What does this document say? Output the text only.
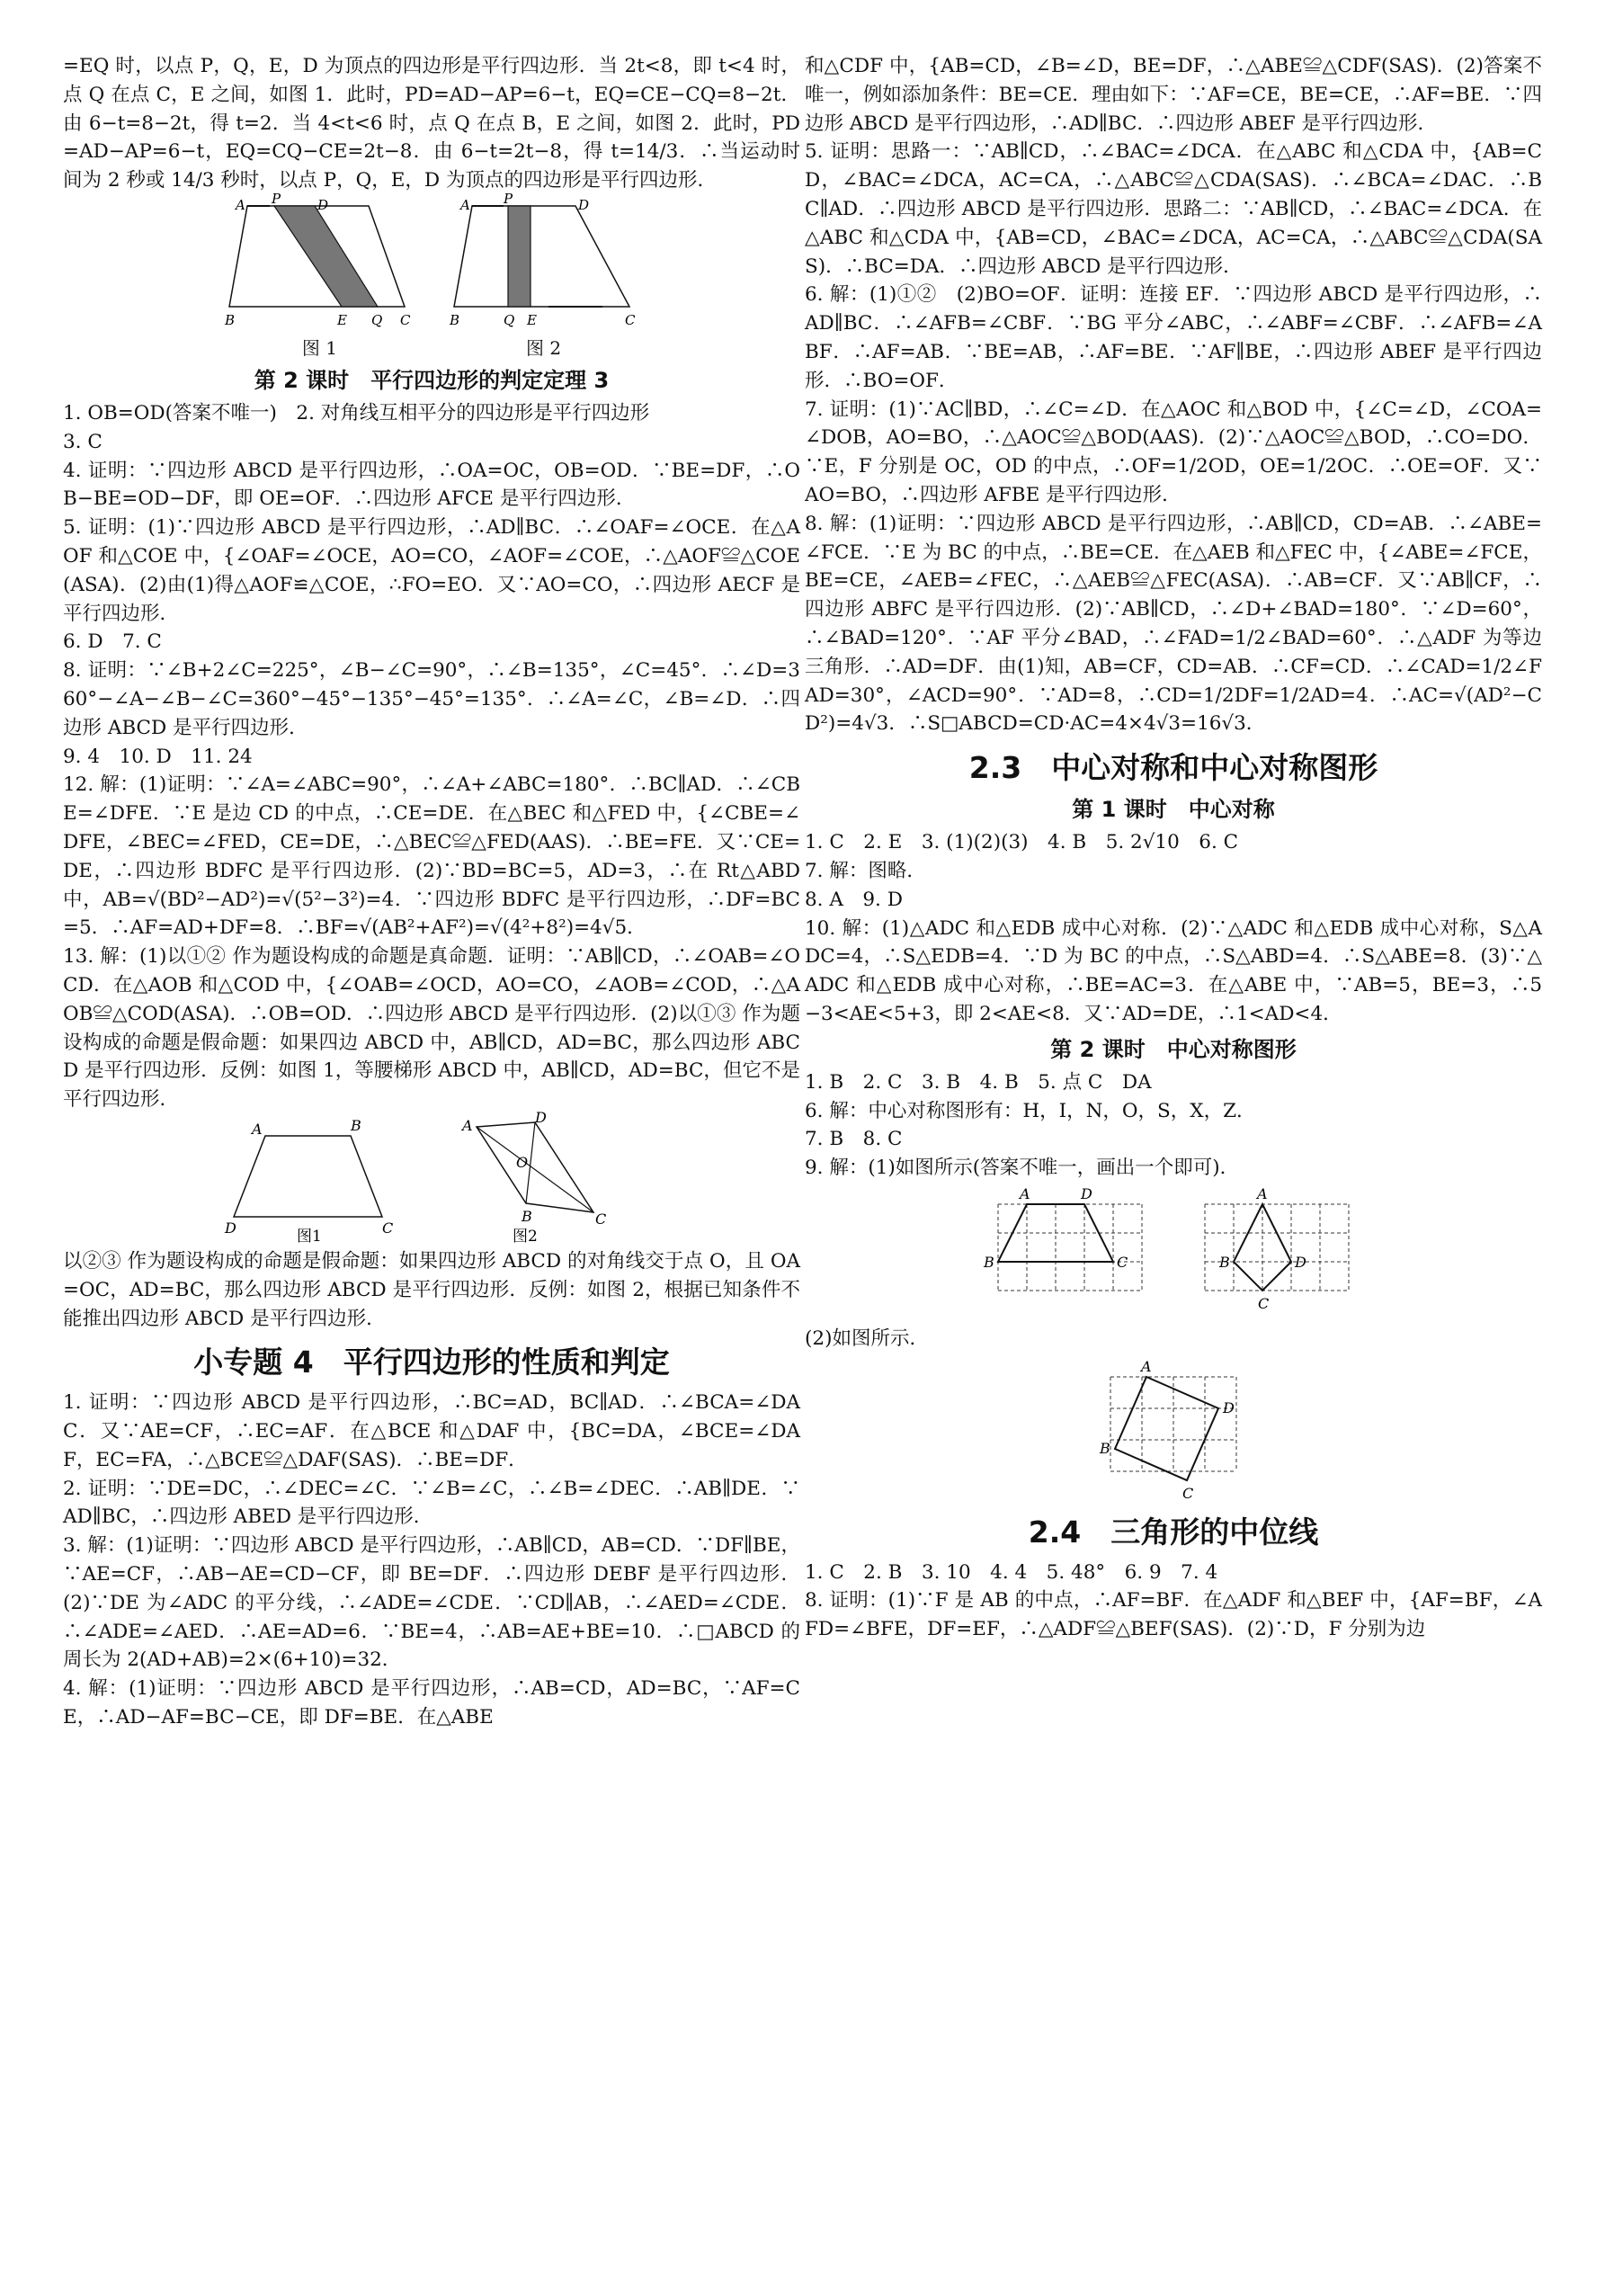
=EQ 时，以点 P，Q，E，D 为顶点的四边形是平行四边形．当 2t<8，即 t<4 时，点 Q 在点 C，E 之间，如图 1．此时，PD=AD−AP=6−t，EQ=CE−CQ=8−2t．由 6−t=8−2t，得 t=2．当 4<t<6 时，点 Q 在点 B，E 之间，如图 2．此时，PD=AD−AP=6−t，EQ=CQ−CE=2t−8．由 6−t=2t−8，得 t=14/3．∴当运动时间为 2 秒或 14/3 秒时，以点 P，Q，E，D 为顶点的四边形是平行四边形．

A P	D
B	E Q C
A P	D
B	Q E	C
图 1	图 2
第 2 课时　平行四边形的判定定理 3

1. OB=OD(答案不唯一)　2. 对角线互相平分的四边形是平行四边形

3. C

4. 证明：∵四边形 ABCD 是平行四边形，∴OA=OC，OB=OD．∵BE=DF，∴OB−BE=OD−DF，即 OE=OF．∴四边形 AFCE 是平行四边形．

5. 证明：(1)∵四边形 ABCD 是平行四边形，∴AD∥BC．∴∠OAF=∠OCE．在△AOF 和△COE 中，{∠OAF=∠OCE，AO=CO，∠AOF=∠COE，∴△AOF≌△COE(ASA)．(2)由(1)得△AOF≌△COE，∴FO=EO．又∵AO=CO，∴四边形 AECF 是平行四边形．

6. D　7. C

8. 证明：∵∠B+2∠C=225°，∠B−∠C=90°，∴∠B=135°，∠C=45°．∴∠D=360°−∠A−∠B−∠C=360°−45°−135°−45°=135°．∴∠A=∠C，∠B=∠D．∴四边形 ABCD 是平行四边形．

9. 4　10. D　11. 24

12. 解：(1)证明：∵∠A=∠ABC=90°，∴∠A+∠ABC=180°．∴BC∥AD．∴∠CBE=∠DFE．∵E 是边 CD 的中点，∴CE=DE．在△BEC 和△FED 中，{∠CBE=∠DFE，∠BEC=∠FED，CE=DE，∴△BEC≌△FED(AAS)．∴BE=FE．又∵CE=DE，∴四边形 BDFC 是平行四边形．(2)∵BD=BC=5，AD=3，∴在 Rt△ABD 中，AB=√(BD²−AD²)=√(5²−3²)=4．∵四边形 BDFC 是平行四边形，∴DF=BC=5．∴AF=AD+DF=8．∴BF=√(AB²+AF²)=√(4²+8²)=4√5．

13. 解：(1)以①② 作为题设构成的命题是真命题．证明：∵AB∥CD，∴∠OAB=∠OCD．在△AOB 和△COD 中，{∠OAB=∠OCD，AO=CO，∠AOB=∠COD，∴△AOB≌△COD(ASA)．∴OB=OD．∴四边形 ABCD 是平行四边形．(2)以①③ 作为题设构成的命题是假命题：如果四边 ABCD 中，AB∥CD，AD=BC，那么四边形 ABCD 是平行四边形．反例：如图 1，等腰梯形 ABCD 中，AB∥CD，AD=BC，但它不是平行四边形．

A	B
D	C
图1
A	D
O
B	C
图2

以②③ 作为题设构成的命题是假命题：如果四边形 ABCD 的对角线交于点 O，且 OA=OC，AD=BC，那么四边形 ABCD 是平行四边形．反例：如图 2，根据已知条件不能推出四边形 ABCD 是平行四边形．

小专题 4　平行四边形的性质和判定

1. 证明：∵四边形 ABCD 是平行四边形，∴BC=AD，BC∥AD．∴∠BCA=∠DAC．又∵AE=CF，∴EC=AF．在△BCE 和△DAF 中，{BC=DA，∠BCE=∠DAF，EC=FA，∴△BCE≌△DAF(SAS)．∴BE=DF．

2. 证明：∵DE=DC，∴∠DEC=∠C．∵∠B=∠C，∴∠B=∠DEC．∴AB∥DE．∵AD∥BC，∴四边形 ABED 是平行四边形．

3. 解：(1)证明：∵四边形 ABCD 是平行四边形，∴AB∥CD，AB=CD．∵DF∥BE，∵AE=CF，∴AB−AE=CD−CF，即 BE=DF．∴四边形 DEBF 是平行四边形．(2)∵DE 为∠ADC 的平分线，∴∠ADE=∠CDE．∵CD∥AB，∴∠AED=∠CDE．∴∠ADE=∠AED．∴AE=AD=6．∵BE=4，∴AB=AE+BE=10．∴□ABCD 的周长为 2(AD+AB)=2×(6+10)=32．

4. 解：(1)证明：∵四边形 ABCD 是平行四边形，∴AB=CD，AD=BC，∵AF=CE，∴AD−AF=BC−CE，即 DF=BE．在△ABE

和△CDF 中，{AB=CD，∠B=∠D，BE=DF，∴△ABE≌△CDF(SAS)．(2)答案不唯一，例如添加条件：BE=CE．理由如下：∵AF=CE，BE=CE，∴AF=BE．∵四边形 ABCD 是平行四边形，∴AD∥BC．∴四边形 ABEF 是平行四边形．

5. 证明：思路一：∵AB∥CD，∴∠BAC=∠DCA．在△ABC 和△CDA 中，{AB=CD，∠BAC=∠DCA，AC=CA，∴△ABC≌△CDA(SAS)．∴∠BCA=∠DAC．∴BC∥AD．∴四边形 ABCD 是平行四边形．思路二：∵AB∥CD，∴∠BAC=∠DCA．在△ABC 和△CDA 中，{AB=CD，∠BAC=∠DCA，AC=CA，∴△ABC≌△CDA(SAS)．∴BC=DA．∴四边形 ABCD 是平行四边形．

6. 解：(1)①②　(2)BO=OF．证明：连接 EF．∵四边形 ABCD 是平行四边形，∴AD∥BC．∴∠AFB=∠CBF．∵BG 平分∠ABC，∴∠ABF=∠CBF．∴∠AFB=∠ABF．∴AF=AB．∵BE=AB，∴AF=BE．∵AF∥BE，∴四边形 ABEF 是平行四边形．∴BO=OF．

7. 证明：(1)∵AC∥BD，∴∠C=∠D．在△AOC 和△BOD 中，{∠C=∠D，∠COA=∠DOB，AO=BO，∴△AOC≌△BOD(AAS)．(2)∵△AOC≌△BOD，∴CO=DO．∵E，F 分别是 OC，OD 的中点，∴OF=1/2OD，OE=1/2OC．∴OE=OF．又∵AO=BO，∴四边形 AFBE 是平行四边形．

8. 解：(1)证明：∵四边形 ABCD 是平行四边形，∴AB∥CD，CD=AB．∴∠ABE=∠FCE．∵E 为 BC 的中点，∴BE=CE．在△AEB 和△FEC 中，{∠ABE=∠FCE，BE=CE，∠AEB=∠FEC，∴△AEB≌△FEC(ASA)．∴AB=CF．又∵AB∥CF，∴四边形 ABFC 是平行四边形．(2)∵AB∥CD，∴∠D+∠BAD=180°．∵∠D=60°，∴∠BAD=120°．∵AF 平分∠BAD，∴∠FAD=1/2∠BAD=60°．∴△ADF 为等边三角形．∴AD=DF．由(1)知，AB=CF，CD=AB．∴CF=CD．∴∠CAD=1/2∠FAD=30°，∠ACD=90°．∵AD=8，∴CD=1/2DF=1/2AD=4．∴AC=√(AD²−CD²)=4√3．∴S□ABCD=CD·AC=4×4√3=16√3．

2.3　中心对称和中心对称图形
第 1 课时　中心对称

1. C　2. E　3. (1)(2)(3)　4. B　5. 2√10　6. C

7. 解：图略．

8. A　9. D

10. 解：(1)△ADC 和△EDB 成中心对称．(2)∵△ADC 和△EDB 成中心对称，S△ADC=4，∴S△EDB=4．∵D 为 BC 的中点，∴S△ABD=4．∴S△ABE=8．(3)∵△ADC 和△EDB 成中心对称，∴BE=AC=3．在△ABE 中，∵AB=5，BE=3，∴5−3<AE<5+3，即 2<AE<8．又∵AD=DE，∴1<AD<4．

第 2 课时　中心对称图形

1. B　2. C　3. B　4. B　5. 点 C　DA

6. 解：中心对称图形有：H，I，N，O，S，X，Z．

7. B　8. C

9. 解：(1)如图所示(答案不唯一，画出一个即可)．

A	D
B	C
A
D
B
C

(2)如图所示．

A
D
B
C
2.4　三角形的中位线

1. C　2. B　3. 10　4. 4　5. 48°　6. 9　7. 4

8. 证明：(1)∵F 是 AB 的中点，∴AF=BF．在△ADF 和△BEF 中，{AF=BF，∠AFD=∠BFE，DF=EF，∴△ADF≌△BEF(SAS)．(2)∵D，F 分别为边
